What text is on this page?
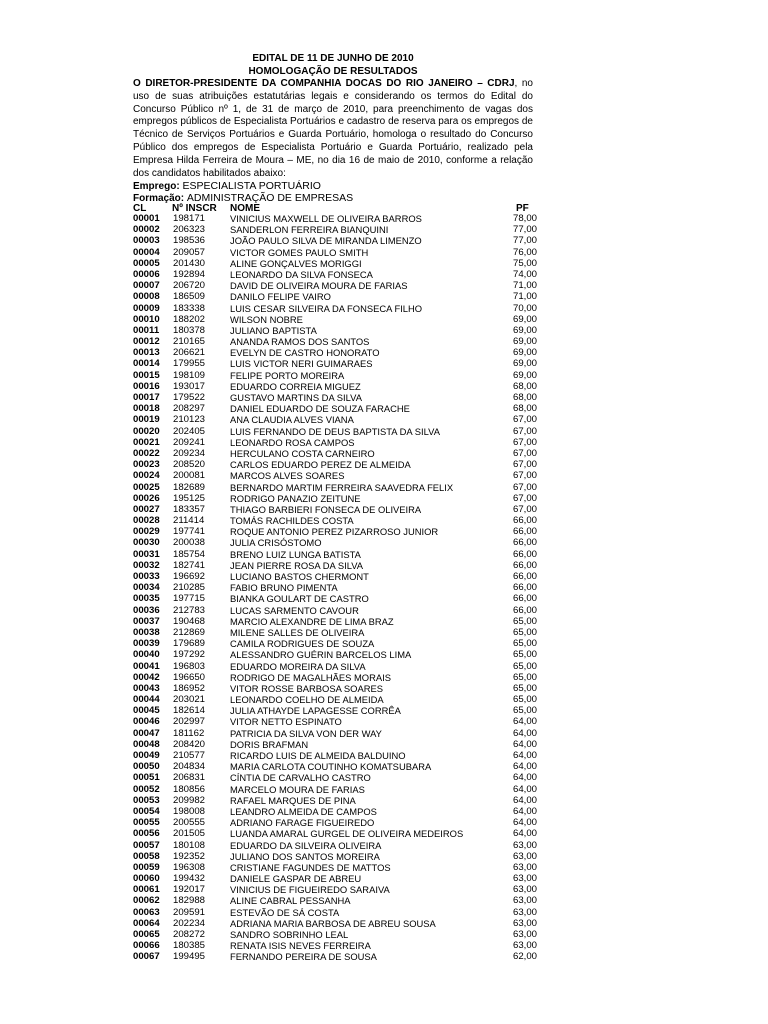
EDITAL DE 11 DE JUNHO DE 2010
HOMOLOGAÇÃO DE RESULTADOS
O DIRETOR-PRESIDENTE DA COMPANHIA DOCAS DO RIO JANEIRO – CDRJ, no uso de suas atribuições estatutárias legais e considerando os termos do Edital do Concurso Público nº 1, de 31 de março de 2010, para preenchimento de vagas dos empregos públicos de Especialista Portuários e cadastro de reserva para os empregos de Técnico de Serviços Portuários e Guarda Portuário, homologa o resultado do Concurso Público dos empregos de Especialista Portuário e Guarda Portuário, realizado pela Empresa Hilda Ferreira de Moura – ME, no dia 16 de maio de 2010, conforme a relação dos candidatos habilitados abaixo:
Emprego: ESPECIALISTA PORTUÁRIO
Formação: ADMINISTRAÇÃO DE EMPRESAS
CL	Nº INSCR NOME	PF
00001 198171	VINICIUS MAXWELL DE OLIVEIRA BARROS	78,00
00002 206323	SANDERLON FERREIRA BIANQUINI	77,00
00003 198536	JOÃO PAULO SILVA DE MIRANDA LIMENZO	77,00
00004 209057	VICTOR GOMES PAULO SMITH	76,00
00005 201430	ALINE GONÇALVES MORIGGI	75,00
00006 192894	LEONARDO DA SILVA FONSECA	74,00
00007 206720	DAVID DE OLIVEIRA MOURA DE FARIAS	71,00
00008 186509	DANILO FELIPE VAIRO	71,00
00009 183338	LUIS CESAR SILVEIRA DA FONSECA FILHO	70,00
00010 188202	WILSON NOBRE	69,00
00011 180378	JULIANO BAPTISTA	69,00
00012 210165	ANANDA RAMOS DOS SANTOS	69,00
00013 206621	EVELYN DE CASTRO HONORATO	69,00
00014 179955	LUIS VICTOR NERI GUIMARAES	69,00
00015 198109	FELIPE PORTO MOREIRA	69,00
00016 193017	EDUARDO CORREIA MIGUEZ	68,00
00017 179522	GUSTAVO MARTINS DA SILVA	68,00
00018 208297	DANIEL EDUARDO DE SOUZA FARACHE	68,00
00019 210123	ANA CLAUDIA ALVES VIANA	67,00
00020 202405	LUIS FERNANDO DE DEUS BAPTISTA DA SILVA	67,00
00021 209241	LEONARDO ROSA CAMPOS	67,00
00022 209234	HERCULANO COSTA CARNEIRO	67,00
00023 208520	CARLOS EDUARDO PEREZ DE ALMEIDA	67,00
00024 200081	MARCOS ALVES SOARES	67,00
00025 182689	BERNARDO MARTIM FERREIRA SAAVEDRA FELIX	67,00
00026 195125	RODRIGO PANAZIO ZEITUNE	67,00
00027 183357	THIAGO BARBIERI FONSECA DE OLIVEIRA	67,00
00028 211414	TOMÁS RACHILDES COSTA	66,00
00029 197741	ROQUE ANTONIO PEREZ PIZARROSO JUNIOR	66,00
00030 200038	JULIA CRISÓSTOMO	66,00
00031 185754	BRENO LUIZ LUNGA BATISTA	66,00
00032 182741	JEAN PIERRE ROSA DA SILVA	66,00
00033 196692	LUCIANO BASTOS CHERMONT	66,00
00034 210285	FABIO BRUNO PIMENTA	66,00
00035 197715	BIANKA GOULART DE CASTRO	66,00
00036 212783	LUCAS SARMENTO CAVOUR	66,00
00037 190468	MARCIO ALEXANDRE DE LIMA BRAZ	65,00
00038 212869	MILENE SALLES DE OLIVEIRA	65,00
00039 179689	CAMILA RODRIGUES DE SOUZA	65,00
00040 197292	ALESSANDRO GUÉRIN BARCELOS LIMA	65,00
00041 196803	EDUARDO MOREIRA DA SILVA	65,00
00042 196650	RODRIGO DE MAGALHÃES MORAIS	65,00
00043 186952	VITOR ROSSE BARBOSA SOARES	65,00
00044 203021	LEONARDO COELHO DE ALMEIDA	65,00
00045 182614	JULIA ATHAYDE LAPAGESSE CORRÊA	65,00
00046 202997	VITOR NETTO ESPINATO	64,00
00047 181162	PATRICIA DA SILVA VON DER WAY	64,00
00048 208420	DORIS BRAFMAN	64,00
00049 210577	RICARDO LUIS DE ALMEIDA BALDUINO	64,00
00050 204834	MARIA CARLOTA COUTINHO KOMATSUBARA	64,00
00051 206831	CÍNTIA DE CARVALHO CASTRO	64,00
00052 180856	MARCELO MOURA DE FARIAS	64,00
00053 209982	RAFAEL MARQUES DE PINA	64,00
00054 198008	LEANDRO ALMEIDA DE CAMPOS	64,00
00055 200555	ADRIANO FARAGE FIGUEIREDO	64,00
00056 201505	LUANDA AMARAL GURGEL DE OLIVEIRA MEDEIROS	64,00
00057 180108	EDUARDO DA SILVEIRA OLIVEIRA	63,00
00058 192352	JULIANO DOS SANTOS MOREIRA	63,00
00059 196308	CRISTIANE FAGUNDES DE MATTOS	63,00
00060 199432	DANIELE GASPAR DE ABREU	63,00
00061 192017	VINICIUS DE FIGUEIREDO SARAIVA	63,00
00062 182988	ALINE CABRAL PESSANHA	63,00
00063 209591	ESTEVÃO DE SÁ COSTA	63,00
00064 202234	ADRIANA MARIA BARBOSA DE ABREU SOUSA	63,00
00065 208272	SANDRO SOBRINHO LEAL	63,00
00066 180385	RENATA ISIS NEVES FERREIRA	63,00
00067 199495	FERNANDO PEREIRA DE SOUSA	62,00
